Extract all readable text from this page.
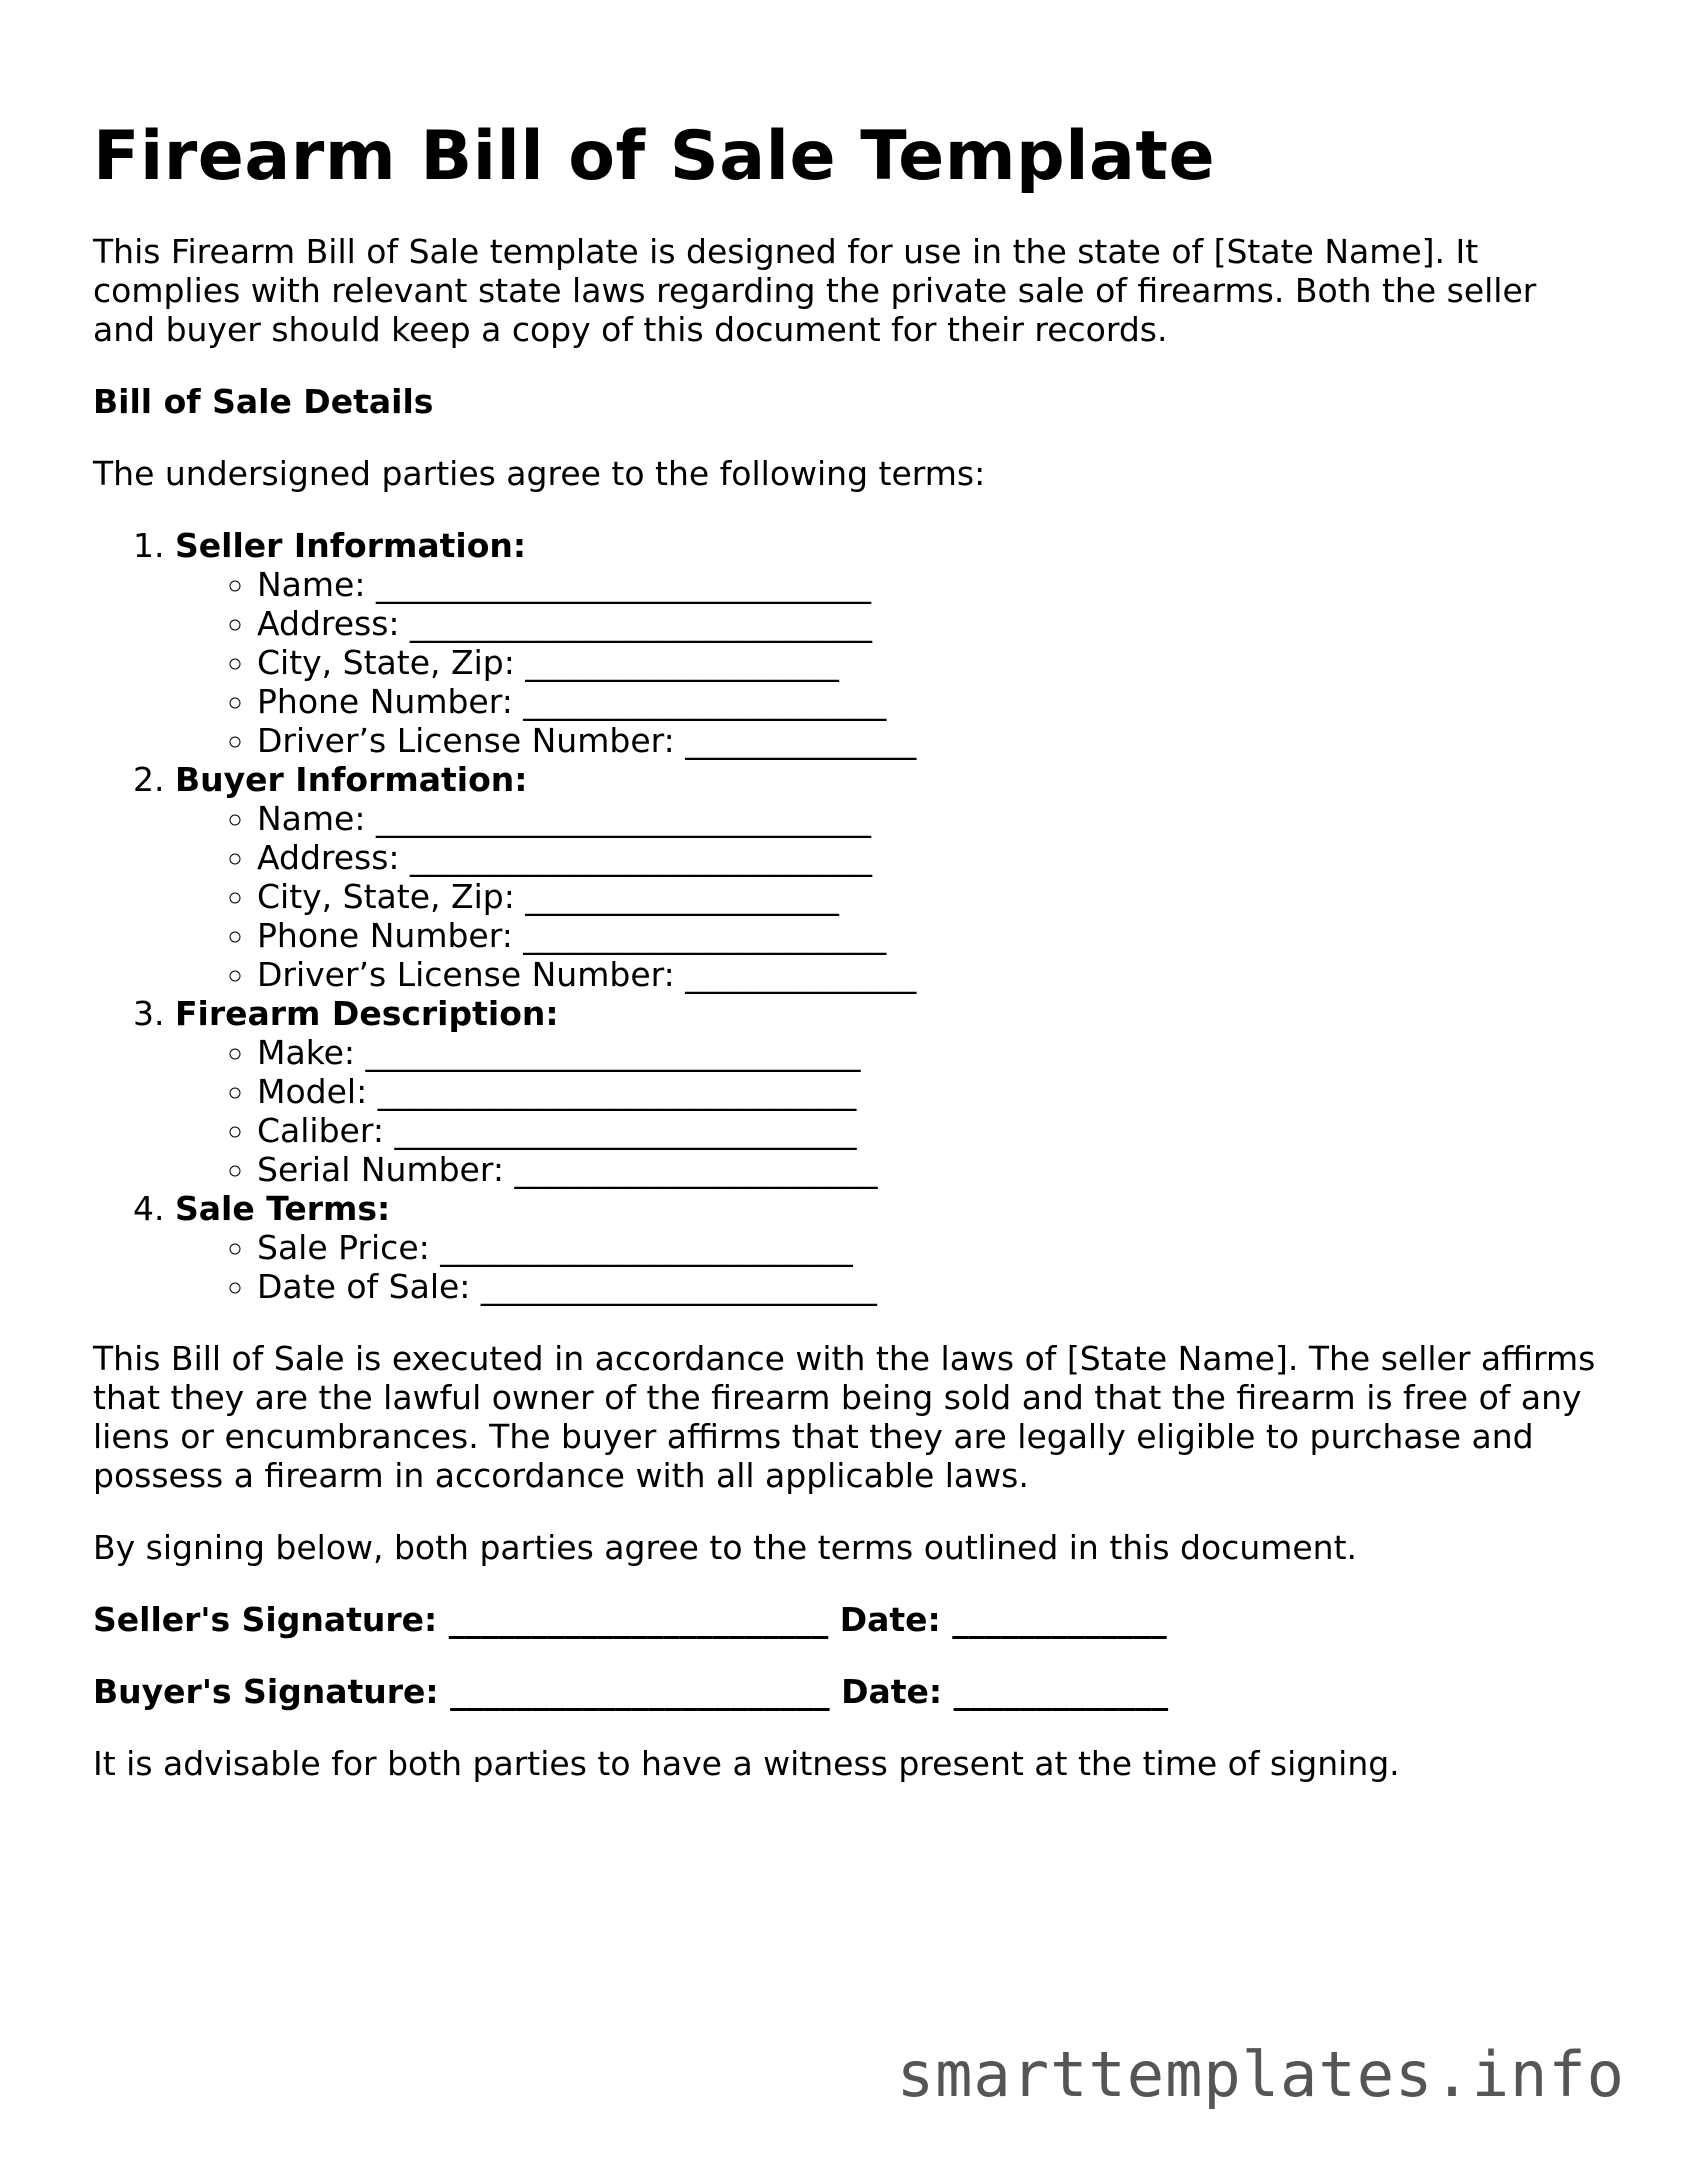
Firearm Bill of Sale Template

This Firearm Bill of Sale template is designed for use in the state of [State Name]. It complies with relevant state laws regarding the private sale of firearms. Both the seller and buyer should keep a copy of this document for their records.

Bill of Sale Details

The undersigned parties agree to the following terms:

1. Seller Information:
◦ Name: ______________________________
◦ Address: ____________________________
◦ City, State, Zip: ___________________
◦ Phone Number: ______________________
◦ Driver’s License Number: ______________
2. Buyer Information:
◦ Name: ______________________________
◦ Address: ____________________________
◦ City, State, Zip: ___________________
◦ Phone Number: ______________________
◦ Driver’s License Number: ______________
3. Firearm Description:
◦ Make: ______________________________
◦ Model: _____________________________
◦ Caliber: ____________________________
◦ Serial Number: ______________________
4. Sale Terms:
◦ Sale Price: _________________________
◦ Date of Sale: ________________________

This Bill of Sale is executed in accordance with the laws of [State Name]. The seller affirms that they are the lawful owner of the firearm being sold and that the firearm is free of any liens or encumbrances. The buyer affirms that they are legally eligible to purchase and possess a firearm in accordance with all applicable laws.

By signing below, both parties agree to the terms outlined in this document.

Seller's Signature: _______________________ Date: _____________

Buyer's Signature: _______________________ Date: _____________

It is advisable for both parties to have a witness present at the time of signing.

smarttemplates.info
